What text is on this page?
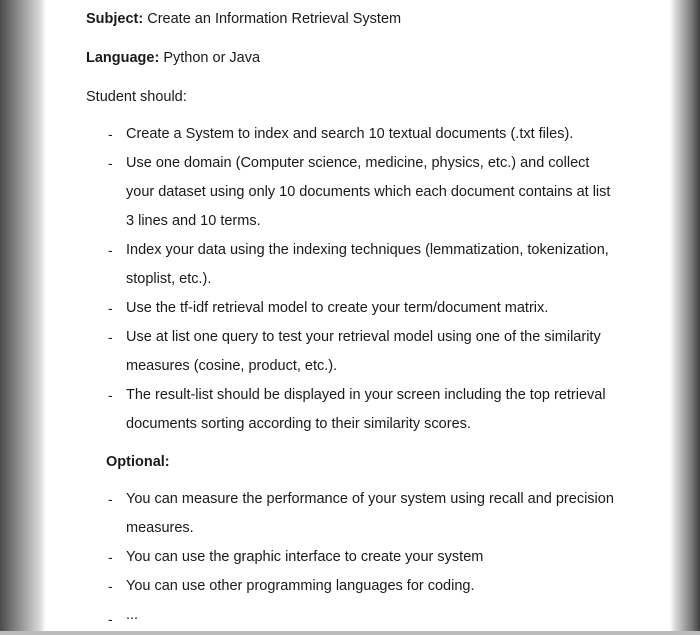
Subject: Create an Information Retrieval System
Language: Python or Java
Student should:
- Create a System to index and search 10 textual documents (.txt files).
- Use one domain (Computer science, medicine, physics, etc.) and collect
your dataset using only 10 documents which each document contains at list
3 lines and 10 terms.
- Index your data using the indexing techniques (lemmatization, tokenization,
stoplist, etc.).
- Use the tf-idf retrieval model to create your term/document matrix.
- Use at list one query to test your retrieval model using one of the similarity
measures (cosine, product, etc.).
- The result-list should be displayed in your screen including the top retrieval
documents sorting according to their similarity scores.
Optional:
- You can measure the performance of your system using recall and precision
measures.
- You can use the graphic interface to create your system
- You can use other programming languages for coding.
- ...
